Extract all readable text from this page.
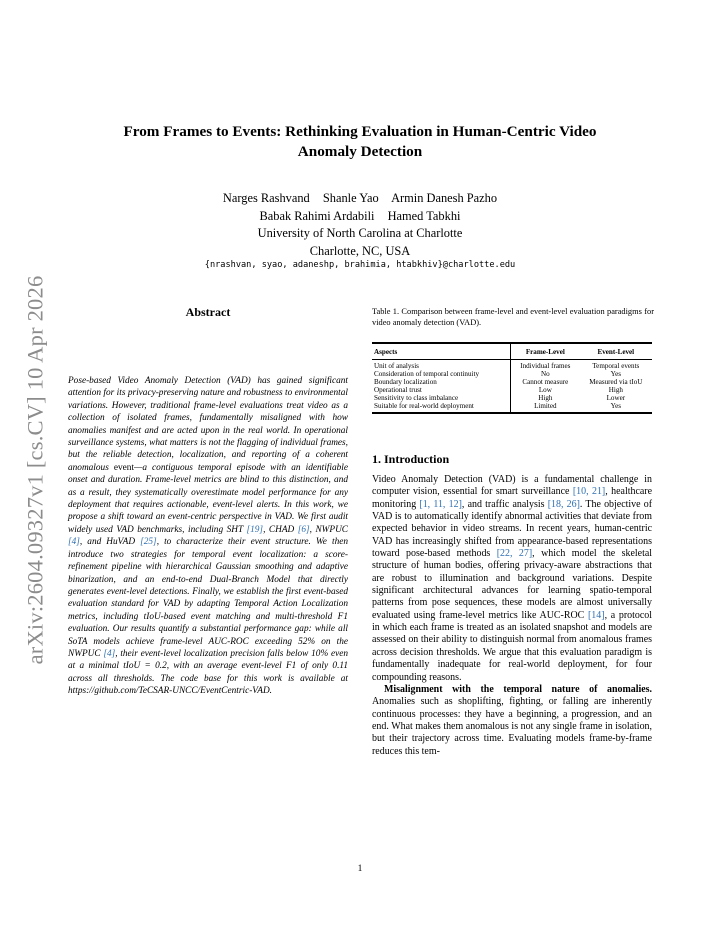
arXiv:2604.09327v1 [cs.CV] 10 Apr 2026
From Frames to Events: Rethinking Evaluation in Human-Centric Video
Anomaly Detection
Narges Rashvand Shanle Yao Armin Danesh Pazho
Babak Rahimi Ardabili Hamed Tabkhi
University of North Carolina at Charlotte
Charlotte, NC, USA
{nrashvan, syao, adaneshp, brahimia, htabkhiv}@charlotte.edu
Abstract
Pose-based Video Anomaly Detection (VAD) has gained significant attention for its privacy-preserving nature and robustness to environmental variations. However, traditional frame-level evaluations treat video as a collection of isolated frames, fundamentally misaligned with how anomalies manifest and are acted upon in the real world. In operational surveillance systems, what matters is not the flagging of individual frames, but the reliable detection, localization, and reporting of a coherent anomalous event—a contiguous temporal episode with an identifiable onset and duration. Frame-level metrics are blind to this distinction, and as a result, they systematically overestimate model performance for any deployment that requires actionable, event-level alerts. In this work, we propose a shift toward an event-centric perspective in VAD. We first audit widely used VAD benchmarks, including SHT [19], CHAD [6], NWPUC [4], and HuVAD [25], to characterize their event structure. We then introduce two strategies for temporal event localization: a score-refinement pipeline with hierarchical Gaussian smoothing and adaptive binarization, and an end-to-end Dual-Branch Model that directly generates event-level detections. Finally, we establish the first event-based evaluation standard for VAD by adapting Temporal Action Localization metrics, including tIoU-based event matching and multi-threshold F1 evaluation. Our results quantify a substantial performance gap: while all SoTA models achieve frame-level AUC-ROC exceeding 52% on the NWPUC [4], their event-level localization precision falls below 10% even at a minimal tIoU = 0.2, with an average event-level F1 of only 0.11 across all thresholds. The code base for this work is available at https://github.com/TeCSAR-UNCC/EventCentric-VAD.
Table 1. Comparison between frame-level and event-level evaluation paradigms for video anomaly detection (VAD).
Aspects	Frame-Level	Event-Level
Unit of analysis	Individual frames	Temporal events
Consideration of temporal continuity	No	Yes
Boundary localization	Cannot measure	Measured via tIoU
Operational trust	Low	High
Sensitivity to class imbalance	High	Lower
Suitable for real-world deployment	Limited	Yes
1. Introduction

Video Anomaly Detection (VAD) is a fundamental challenge in computer vision, essential for smart surveillance [10, 21], healthcare monitoring [1, 11, 12], and traffic analysis [18, 26]. The objective of VAD is to automatically identify abnormal activities that deviate from expected behavior in video streams. In recent years, human-centric VAD has increasingly shifted from appearance-based representations toward pose-based methods [22, 27], which model the skeletal structure of human bodies, offering privacy-aware abstractions that are robust to illumination and background variations. Despite significant architectural advances for learning spatio-temporal patterns from pose sequences, these models are almost universally evaluated using frame-level metrics like AUC-ROC [14], a protocol in which each frame is treated as an isolated snapshot and models are assessed on their ability to distinguish normal from anomalous frames across decision thresholds. We argue that this evaluation paradigm is fundamentally inadequate for real-world deployment, for four compounding reasons.

Misalignment with the temporal nature of anomalies. Anomalies such as shoplifting, fighting, or falling are inherently continuous processes: they have a beginning, a progression, and an end. What makes them anomalous is not any single frame in isolation, but their trajectory across time. Evaluating models frame-by-frame reduces this tem-

1
